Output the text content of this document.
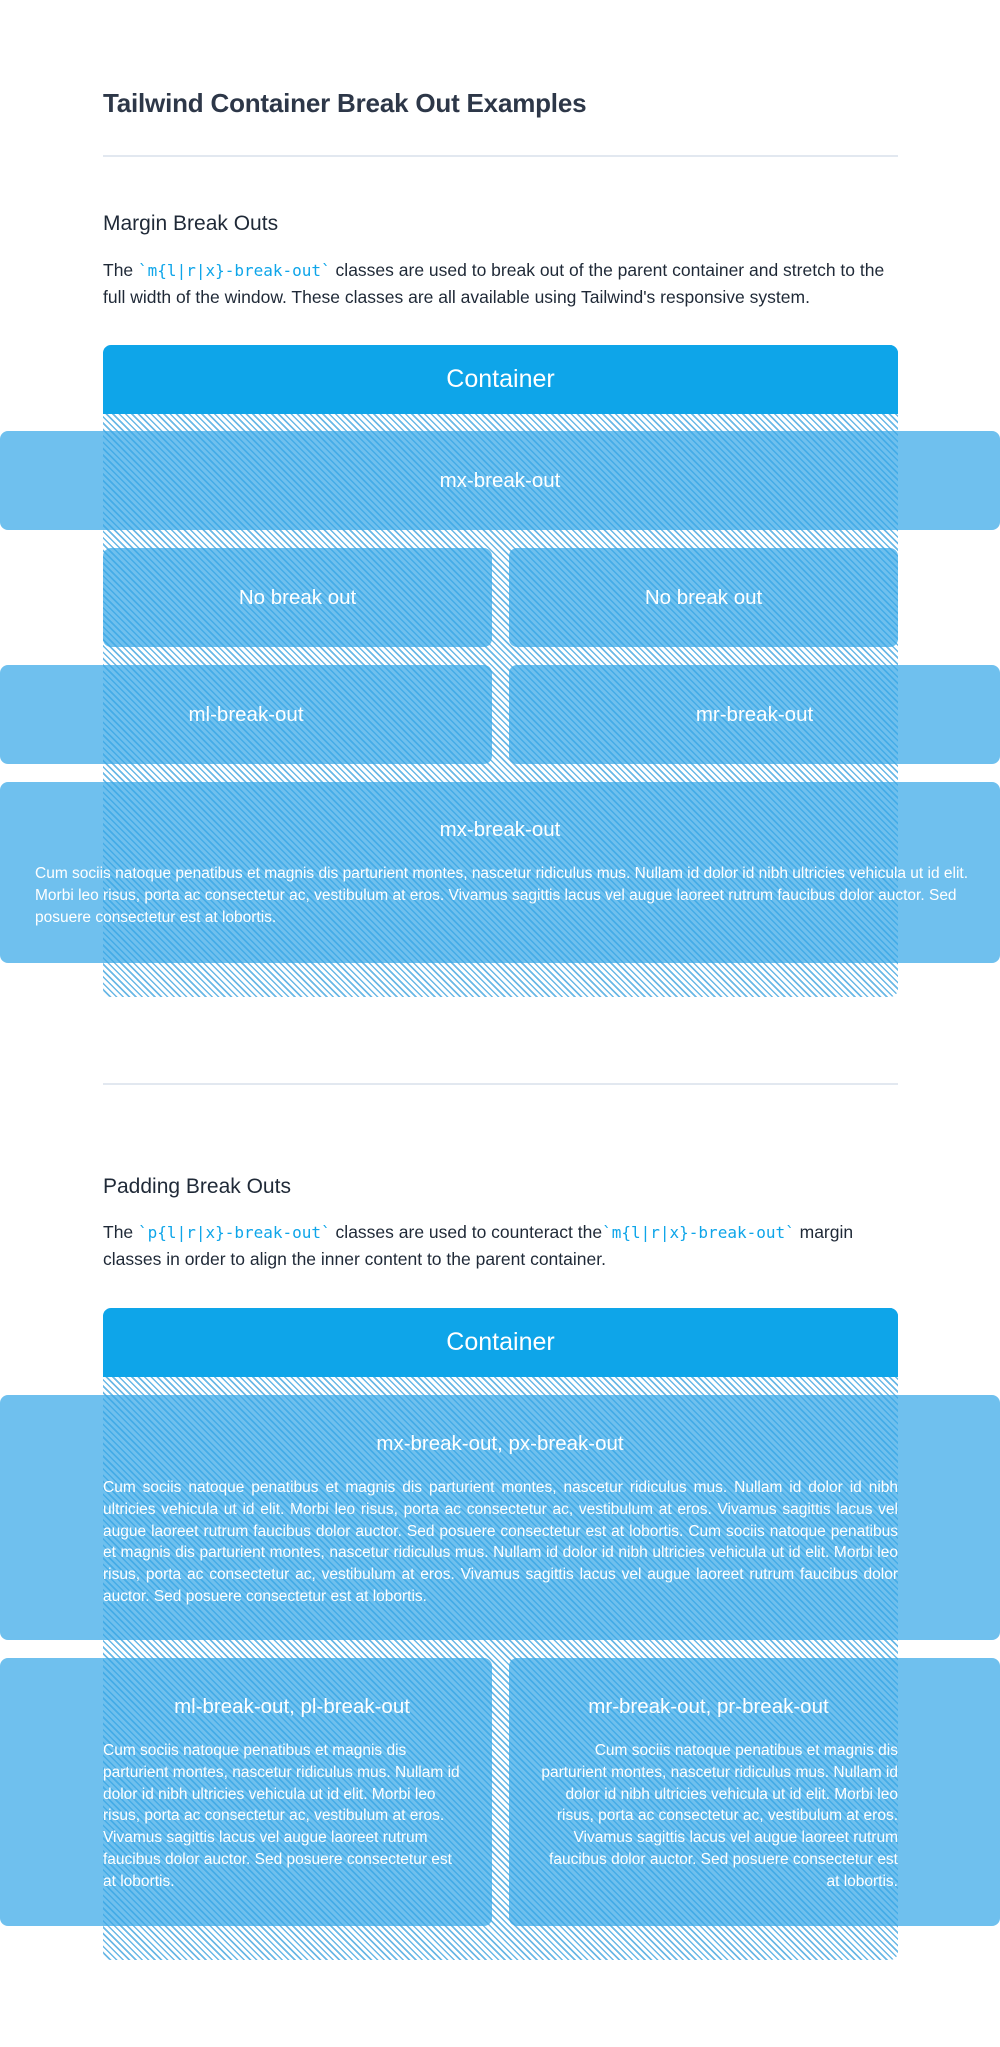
Tailwind Container Break Out Examples
Margin Break Outs

The `m{l|r|x}-break-out` classes are used to break out of the parent container and stretch to the full width of the window. These classes are all available using Tailwind's responsive system.

Container
mx-break-out
No break out	No break out
ml-break-out	mr-break-out
mx-break-out
Cum sociis natoque penatibus et magnis dis parturient montes, nascetur ridiculus mus. Nullam id dolor id nibh ultricies vehicula ut id elit. Morbi leo risus, porta ac consectetur ac, vestibulum at eros. Vivamus sagittis lacus vel augue laoreet rutrum faucibus dolor auctor. Sed posuere consectetur est at lobortis.
Padding Break Outs

The `p{l|r|x}-break-out` classes are used to counteract the`m{l|r|x}-break-out` margin classes in order to align the inner content to the parent container.

Container
mx-break-out, px-break-out
Cum sociis natoque penatibus et magnis dis parturient montes, nascetur ridiculus mus. Nullam id dolor id nibh ultricies vehicula ut id elit. Morbi leo risus, porta ac consectetur ac, vestibulum at eros. Vivamus sagittis lacus vel augue laoreet rutrum faucibus dolor auctor. Sed posuere consectetur est at lobortis. Cum sociis natoque penatibus et magnis dis parturient montes, nascetur ridiculus mus. Nullam id dolor id nibh ultricies vehicula ut id elit. Morbi leo risus, porta ac consectetur ac, vestibulum at eros. Vivamus sagittis lacus vel augue laoreet rutrum faucibus dolor auctor. Sed posuere consectetur est at lobortis.
ml-break-out, pl-break-out
Cum sociis natoque penatibus et magnis dis parturient montes, nascetur ridiculus mus. Nullam id dolor id nibh ultricies vehicula ut id elit. Morbi leo risus, porta ac consectetur ac, vestibulum at eros. Vivamus sagittis lacus vel augue laoreet rutrum faucibus dolor auctor. Sed posuere consectetur est at lobortis.
mr-break-out, pr-break-out
Cum sociis natoque penatibus et magnis dis parturient montes, nascetur ridiculus mus. Nullam id dolor id nibh ultricies vehicula ut id elit. Morbi leo risus, porta ac consectetur ac, vestibulum at eros. Vivamus sagittis lacus vel augue laoreet rutrum faucibus dolor auctor. Sed posuere consectetur est at lobortis.
